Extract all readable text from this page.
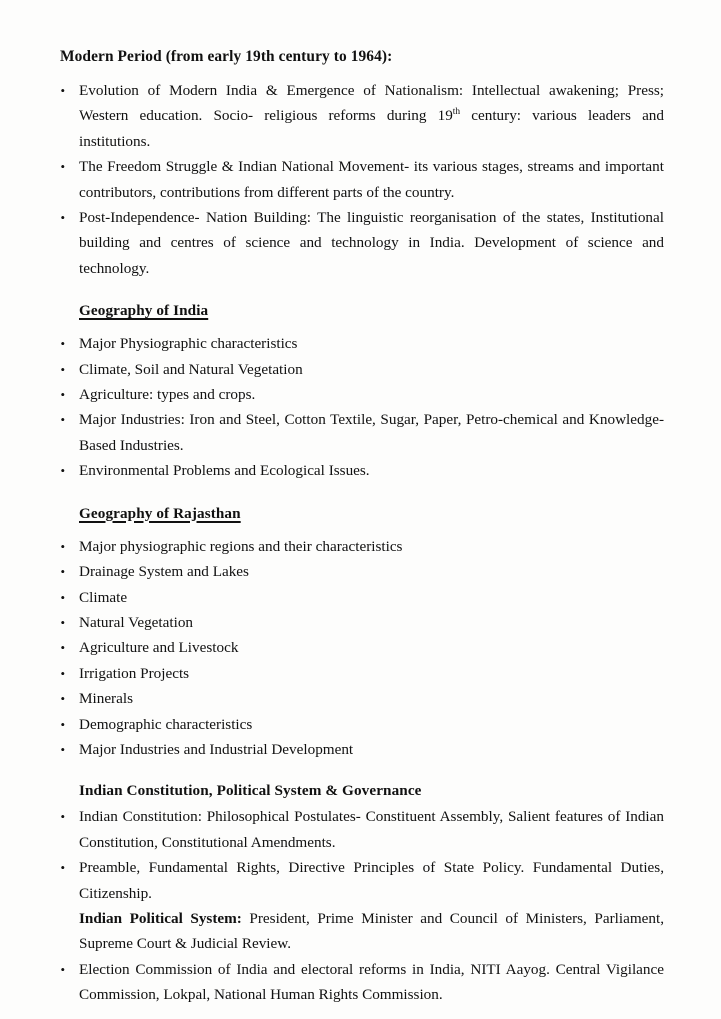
Modern Period (from early 19th century to 1964):
• Evolution of Modern India & Emergence of Nationalism: Intellectual awakening; Press; Western education. Socio- religious reforms during 19th century: various leaders and institutions.
• The Freedom Struggle & Indian National Movement- its various stages, streams and important contributors, contributions from different parts of the country.
• Post-Independence- Nation Building: The linguistic reorganisation of the states, Institutional building and centres of science and technology in India. Development of science and technology.
Geography of India
• Major Physiographic characteristics
• Climate, Soil and Natural Vegetation
• Agriculture: types and crops.
• Major Industries: Iron and Steel, Cotton Textile, Sugar, Paper, Petro-chemical and Knowledge-Based Industries.
• Environmental Problems and Ecological Issues.
Geography of Rajasthan
• Major physiographic regions and their characteristics
• Drainage System and Lakes
• Climate
• Natural Vegetation
• Agriculture and Livestock
• Irrigation Projects
• Minerals
• Demographic characteristics
• Major Industries and Industrial Development
Indian Constitution, Political System & Governance
• Indian Constitution: Philosophical Postulates- Constituent Assembly, Salient features of Indian Constitution, Constitutional Amendments.
• Preamble, Fundamental Rights, Directive Principles of State Policy. Fundamental Duties, Citizenship.
Indian Political System: President, Prime Minister and Council of Ministers, Parliament, Supreme Court & Judicial Review.
• Election Commission of India and electoral reforms in India, NITI Aayog. Central Vigilance Commission, Lokpal, National Human Rights Commission.
